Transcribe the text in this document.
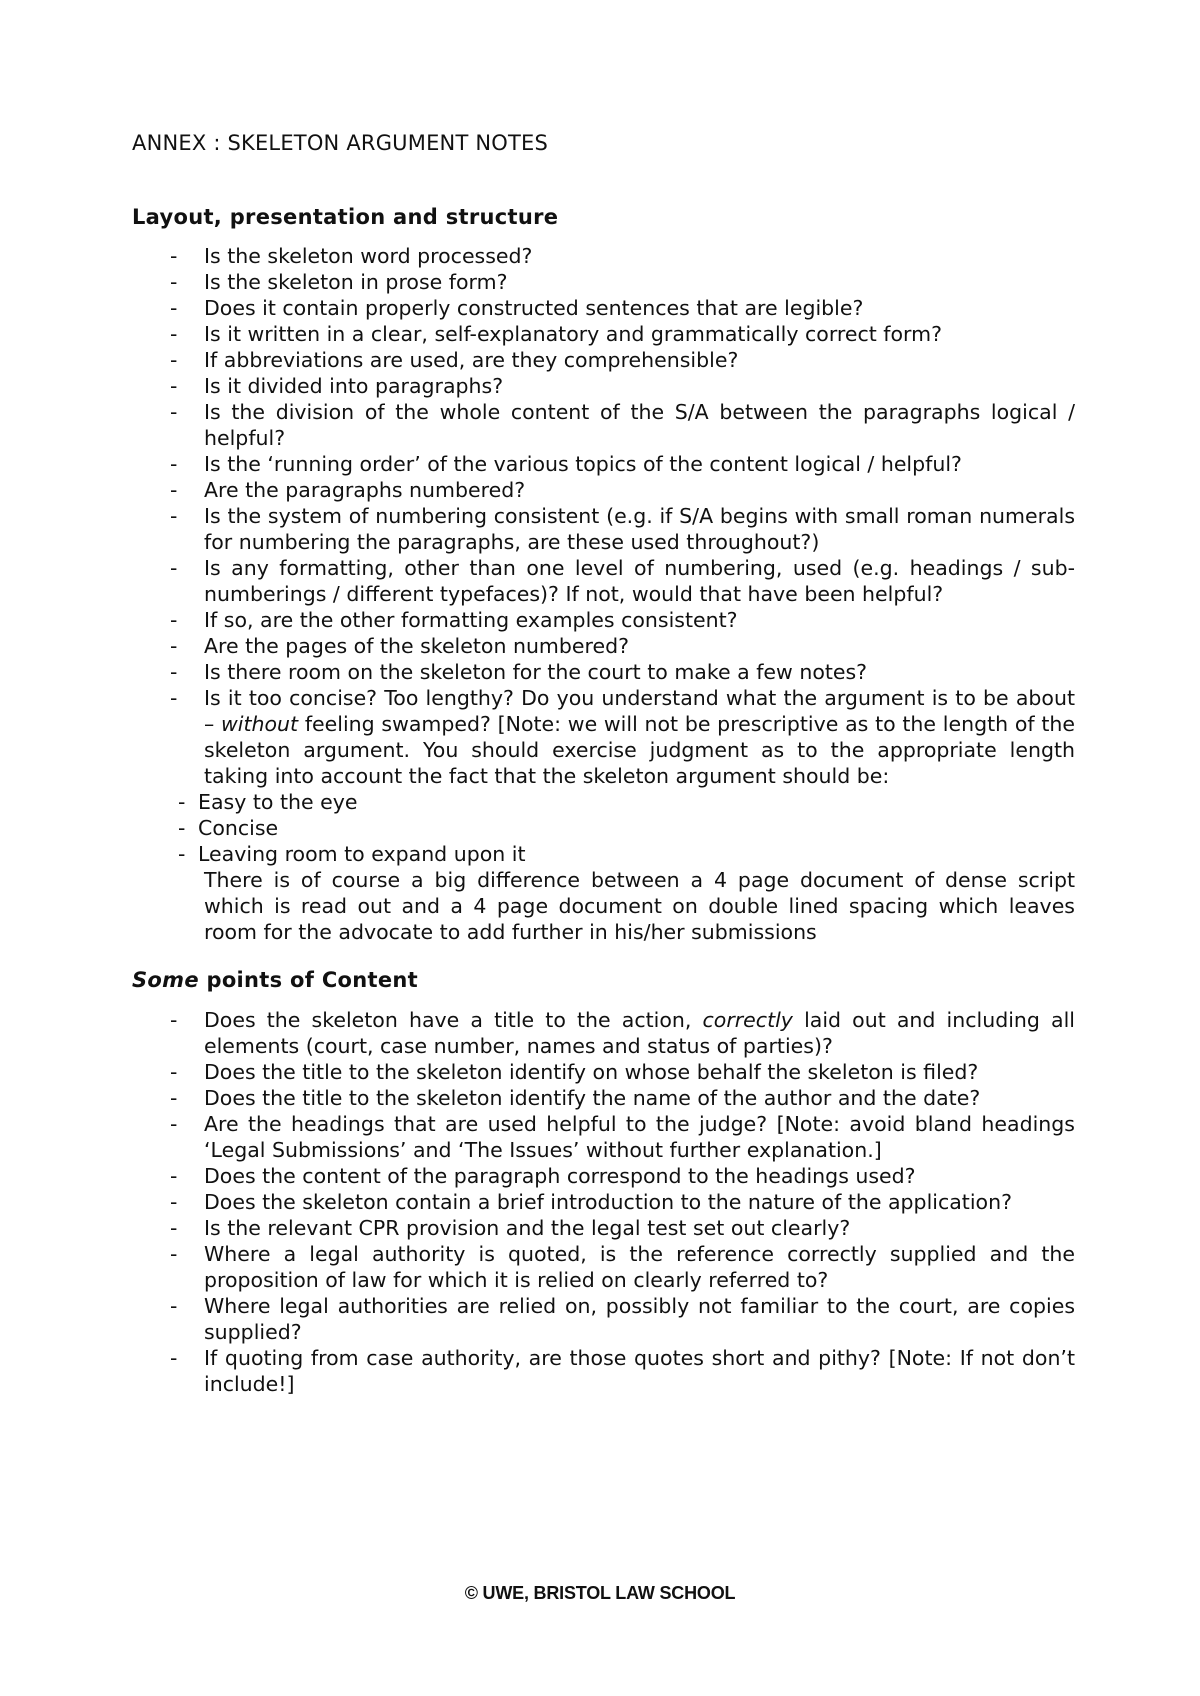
ANNEX : SKELETON ARGUMENT NOTES
Layout, presentation and structure
- Is the skeleton word processed?
- Is the skeleton in prose form?
- Does it contain properly constructed sentences that are legible?
- Is it written in a clear, self-explanatory and grammatically correct form?
- If abbreviations are used, are they comprehensible?
- Is it divided into paragraphs?
- Is the division of the whole content of the S/A between the paragraphs logical / helpful?
- Is the ‘running order’ of the various topics of the content logical / helpful?
- Are the paragraphs numbered?
- Is the system of numbering consistent (e.g. if S/A begins with small roman numerals for numbering the paragraphs, are these used throughout?)
- Is any formatting, other than one level of numbering, used (e.g. headings / sub- numberings / different typefaces)? If not, would that have been helpful?
- If so, are the other formatting examples consistent?
- Are the pages of the skeleton numbered?
- Is there room on the skeleton for the court to make a few notes?
- Is it too concise? Too lengthy? Do you understand what the argument is to be about – without feeling swamped? [Note: we will not be prescriptive as to the length of the skeleton argument. You should exercise judgment as to the appropriate length taking into account the fact that the skeleton argument should be:
- Easy to the eye
- Concise
- Leaving room to expand upon it
There is of course a big difference between a 4 page document of dense script which is read out and a 4 page document on double lined spacing which leaves room for the advocate to add further in his/her submissions
Some points of Content
- Does the skeleton have a title to the action, correctly laid out and including all elements (court, case number, names and status of parties)?
- Does the title to the skeleton identify on whose behalf the skeleton is filed?
- Does the title to the skeleton identify the name of the author and the date?
- Are the headings that are used helpful to the judge? [Note: avoid bland headings ‘Legal Submissions’ and ‘The Issues’ without further explanation.]
- Does the content of the paragraph correspond to the headings used?
- Does the skeleton contain a brief introduction to the nature of the application?
- Is the relevant CPR provision and the legal test set out clearly?
- Where a legal authority is quoted, is the reference correctly supplied and the proposition of law for which it is relied on clearly referred to?
- Where legal authorities are relied on, possibly not familiar to the court, are copies supplied?
- If quoting from case authority, are those quotes short and pithy? [Note: If not don’t include!]

© UWE, BRISTOL LAW SCHOOL
